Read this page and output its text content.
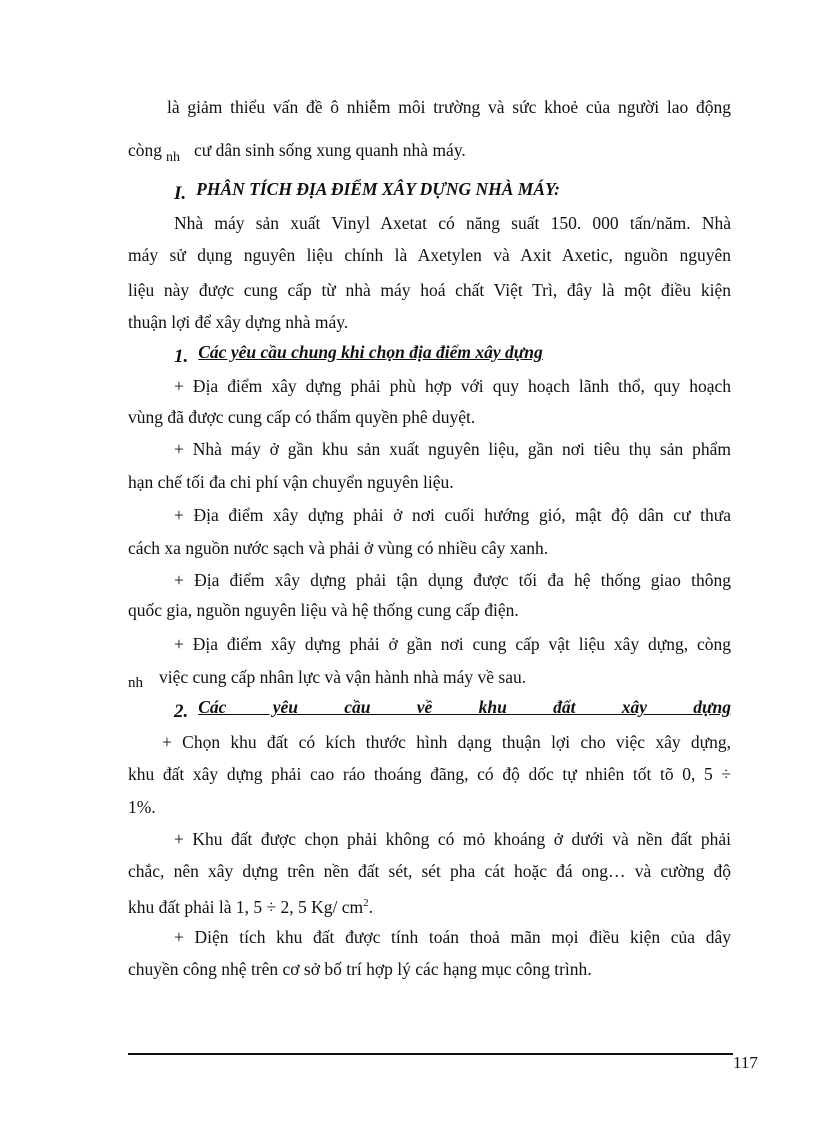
là giảm thiểu vấn đề ô nhiễm môi trường và sức khoẻ của người lao động
còng $_{nh}$ cư dân sinh sống xung quanh nhà máy.
I. PHÂN TÍCH ĐỊA ĐIỂM XÂY DỰNG NHÀ MÁY:
Nhà máy sản xuất Vinyl Axetat có năng suất 150. 000 tấn/năm. Nhà
máy sử dụng nguyên liệu chính là Axetylen và Axit Axetic, nguồn nguyên
liệu này được cung cấp từ nhà máy hoá chất Việt Trì, đây là một điều kiện
thuận lợi để xây dựng nhà máy.
1. Các yêu cầu chung khi chọn địa điểm xây dựng
+ Địa điểm xây dựng phải phù hợp với quy hoạch lãnh thổ, quy hoạch
vùng đã được cung cấp có thẩm quyền phê duyệt.
+ Nhà máy ở gần khu sản xuất nguyên liệu, gần nơi tiêu thụ sản phẩm
hạn chế tối đa chi phí vận chuyển nguyên liệu.
+ Địa điểm xây dựng phải ở nơi cuối hướng gió, mật độ dân cư thưa
cách xa nguồn nước sạch và phải ở vùng có nhiều cây xanh.
+ Địa điểm xây dựng phải tận dụng được tối đa hệ thống giao thông
quốc gia, nguồn nguyên liệu và hệ thống cung cấp điện.
+ Địa điểm xây dựng phải ở gần nơi cung cấp vật liệu xây dựng, còng
nh việc cung cấp nhân lực và vận hành nhà máy về sau.
2. Các yêu cầu về khu đất xây dựng
+ Chọn khu đất có kích thước hình dạng thuận lợi cho việc xây dựng,
khu đất xây dựng phải cao ráo thoáng đãng, có độ dốc tự nhiên tốt tõ 0, 5 ÷
1%.
+ Khu đất được chọn phải không có mỏ khoáng ở dưới và nền đất phải
chắc, nên xây dựng trên nền đất sét, sét pha cát hoặc đá ong… và cường độ
khu đất phải là 1, 5 ÷ 2, 5 Kg/ $cm^2$.
+ Diện tích khu đất được tính toán thoả mãn mọi điều kiện của dây
chuyền công nhệ trên cơ sở bố trí hợp lý các hạng mục công trình.
117
